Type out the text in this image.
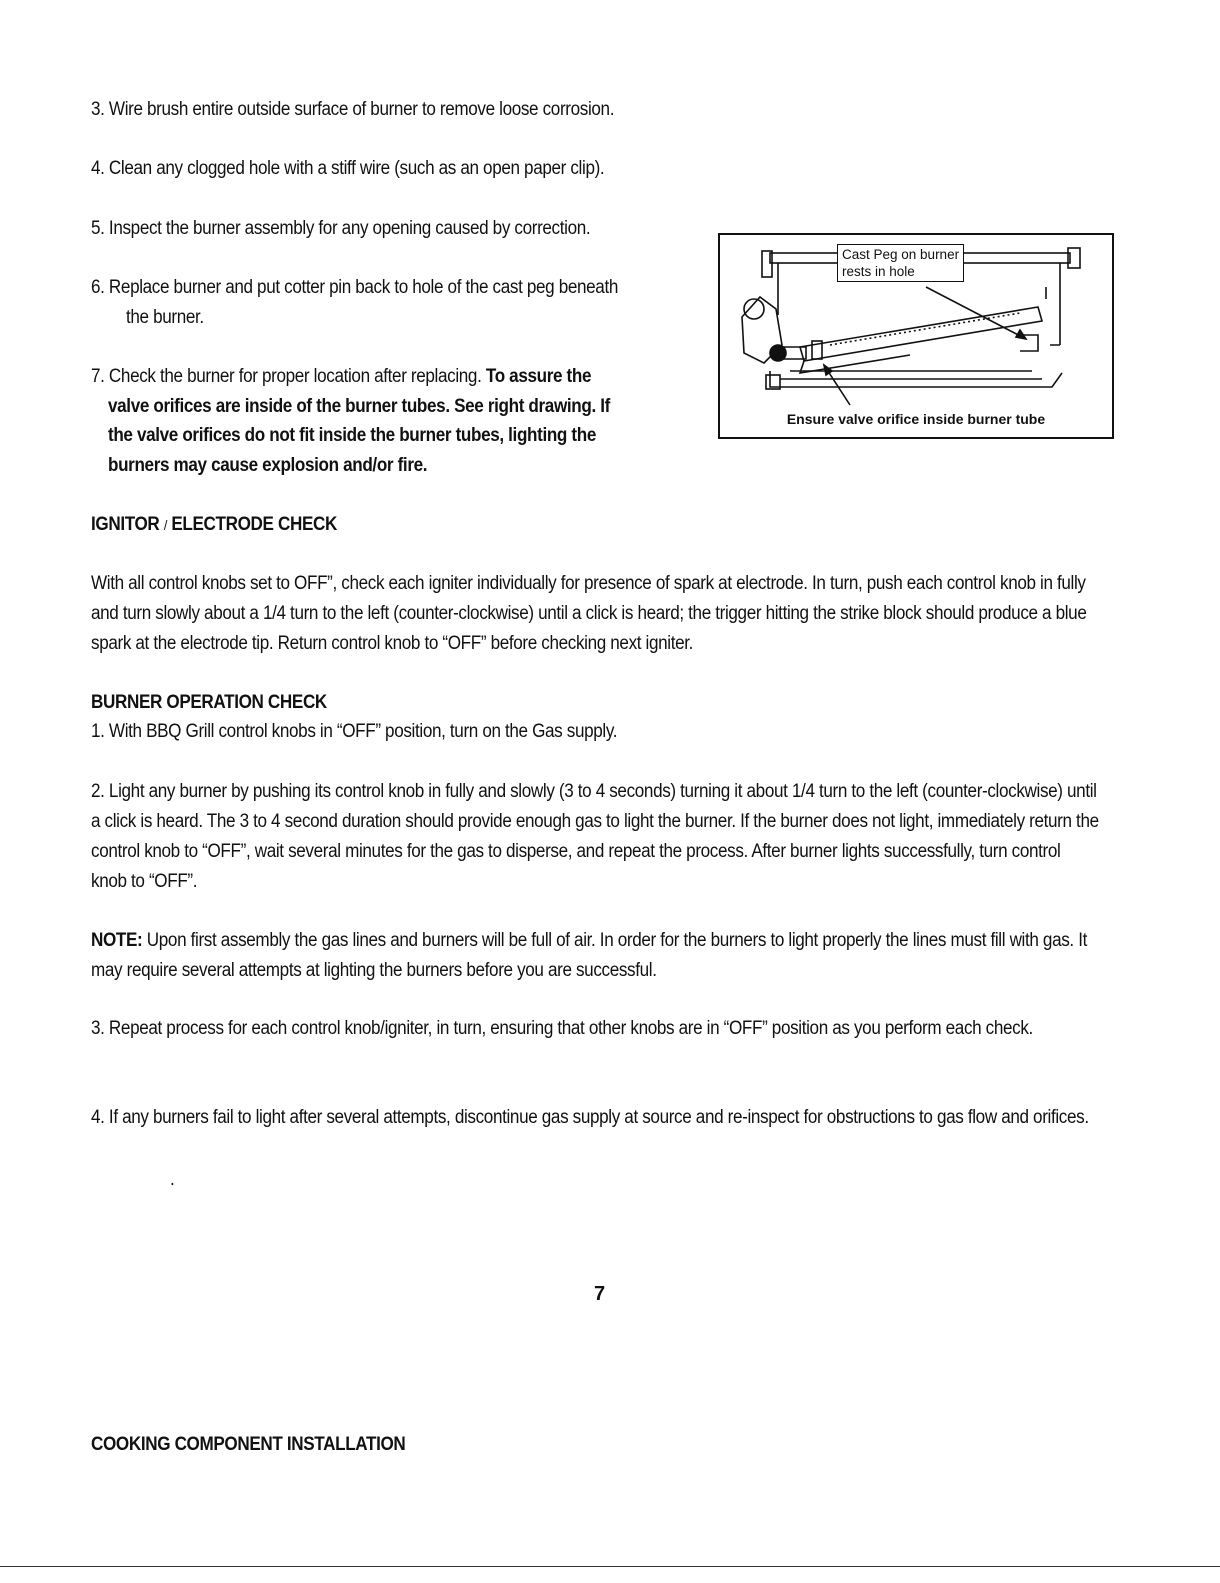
3. Wire brush entire outside surface of burner to remove loose corrosion.
4. Clean any clogged hole with a stiff wire (such as an open paper clip).
5. Inspect the burner assembly for any opening caused by correction.
6. Replace burner and put cotter pin back to hole of the cast peg beneath
the burner.
7. Check the burner for proper location after replacing. To assure the
valve orifices are inside of the burner tubes. See right drawing. If
the valve orifices do not fit inside the burner tubes, lighting the
burners may cause explosion and/or fire.
Cast Peg on burner
rests in hole
Ensure valve orifice inside burner tube
IGNITOR / ELECTRODE CHECK
With all control knobs set to OFF”, check each igniter individually for presence of spark at electrode. In turn, push each control knob in fully and turn slowly about a 1/4 turn to the left (counter-clockwise) until a click is heard; the trigger hitting the strike block should produce a blue spark at the electrode tip. Return control knob to “OFF” before checking next igniter.
BURNER OPERATION CHECK
1. With BBQ Grill control knobs in “OFF” position, turn on the Gas supply.
2. Light any burner by pushing its control knob in fully and slowly (3 to 4 seconds) turning it about 1/4 turn to the left (counter-clockwise) until a click is heard. The 3 to 4 second duration should provide enough gas to light the burner. If the burner does not light, immediately return the control knob to “OFF”, wait several minutes for the gas to disperse, and repeat the process. After burner lights successfully, turn control knob to “OFF”.
NOTE: Upon first assembly the gas lines and burners will be full of air. In order for the burners to light properly the lines must fill with gas. It may require several attempts at lighting the burners before you are successful.
3. Repeat process for each control knob/igniter, in turn, ensuring that other knobs are in “OFF” position as you perform each check.
4. If any burners fail to light after several attempts, discontinue gas supply at source and re-inspect for obstructions to gas flow and orifices.
.
7
COOKING COMPONENT INSTALLATION
